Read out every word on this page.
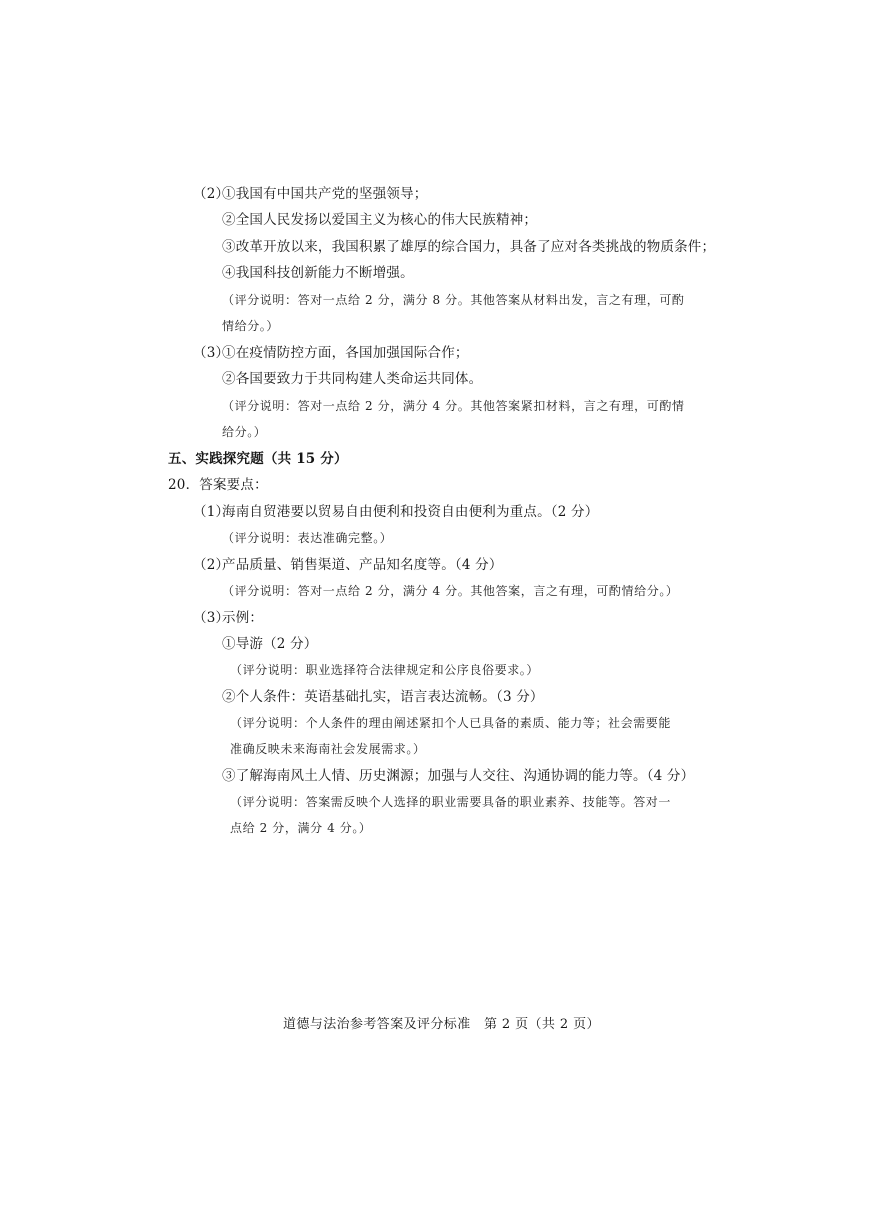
（2）
①我国有中国共产党的坚强领导；
②全国人民发扬以爱国主义为核心的伟大民族精神；
③改革开放以来，我国积累了雄厚的综合国力，具备了应对各类挑战的物质条件；
④我国科技创新能力不断增强。
（评分说明：答对一点给 2 分，满分 8 分。其他答案从材料出发，言之有理，可酌
情给分。）
（3）
①在疫情防控方面，各国加强国际合作；
②各国要致力于共同构建人类命运共同体。
（评分说明：答对一点给 2 分，满分 4 分。其他答案紧扣材料，言之有理，可酌情
给分。）
五、实践探究题（共 15 分）
20．答案要点：
（1）
海南自贸港要以贸易自由便利和投资自由便利为重点。（2 分）
（评分说明：表达准确完整。）
（2）
产品质量、销售渠道、产品知名度等。（4 分）
（评分说明：答对一点给 2 分，满分 4 分。其他答案，言之有理，可酌情给分。）
（3）
示例：
①导游（2 分）
（评分说明：职业选择符合法律规定和公序良俗要求。）
②个人条件：英语基础扎实，语言表达流畅。（3 分）
（评分说明：个人条件的理由阐述紧扣个人已具备的素质、能力等；社会需要能
准确反映未来海南社会发展需求。）
③了解海南风土人情、历史渊源；加强与人交往、沟通协调的能力等。（4 分）
（评分说明：答案需反映个人选择的职业需要具备的职业素养、技能等。答对一
点给 2 分，满分 4 分。）
道德与法治参考答案及评分标准　第 2 页（共 2 页）
